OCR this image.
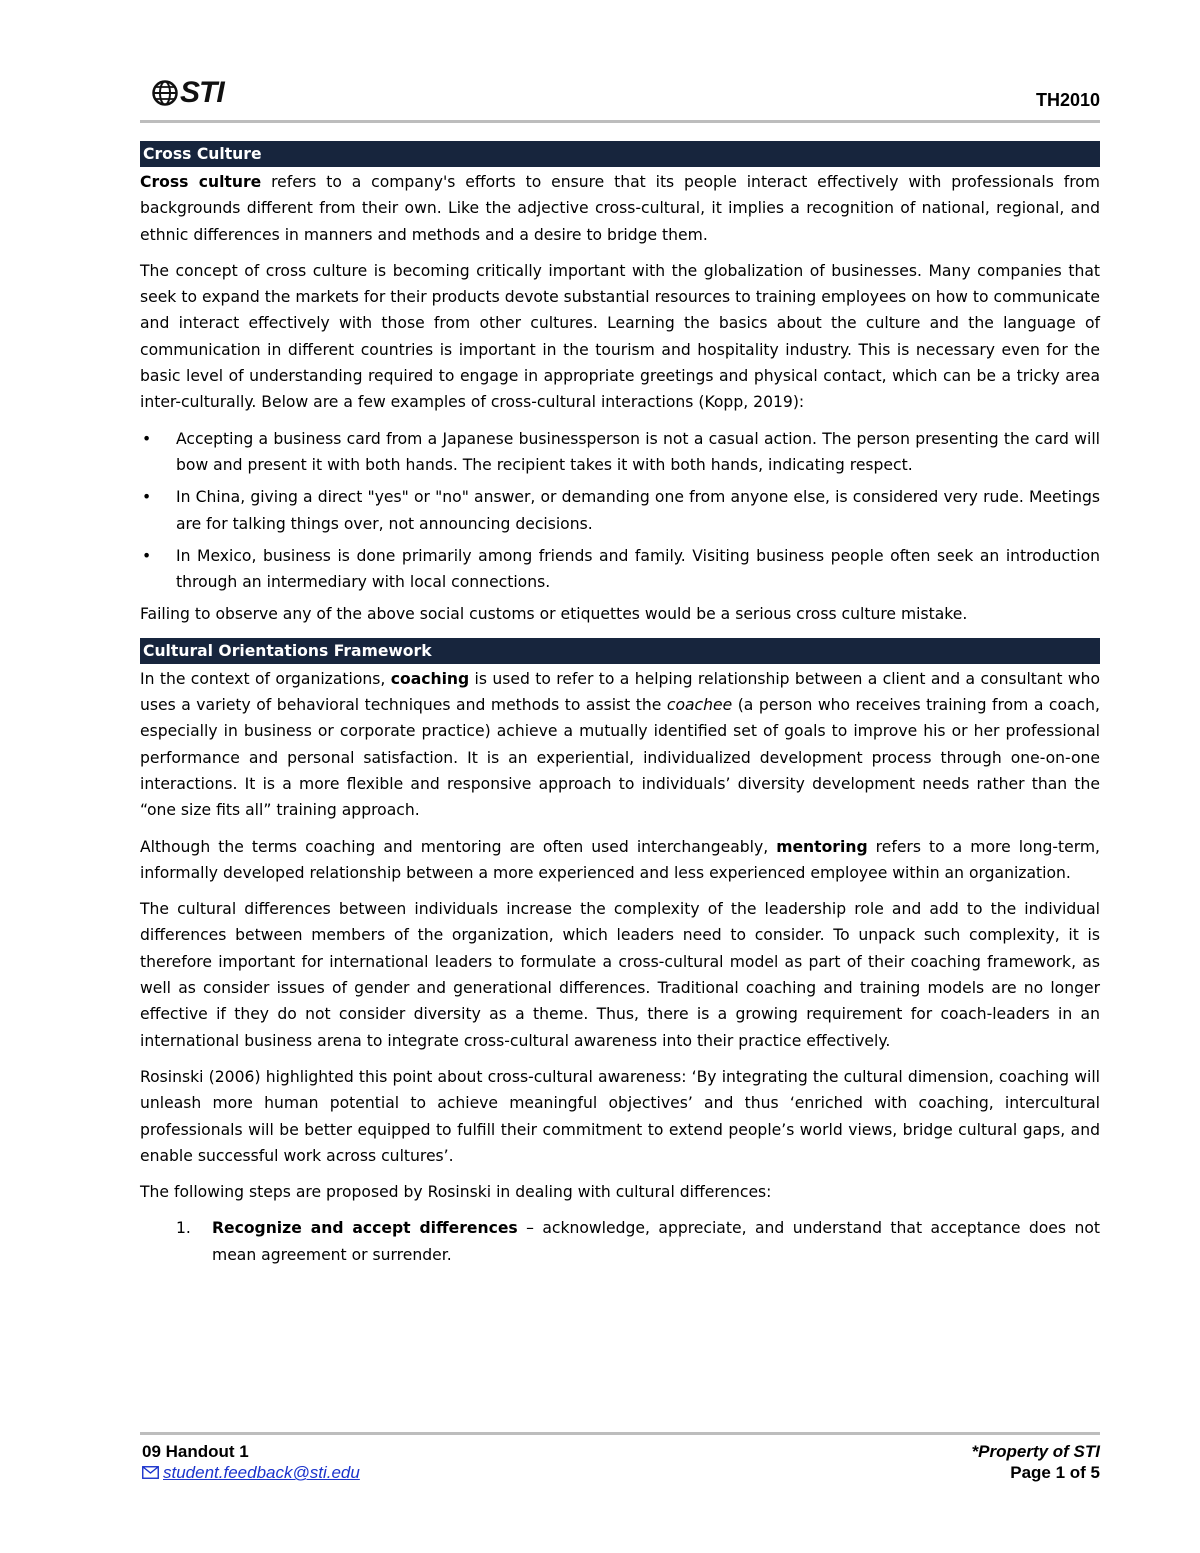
STI	TH2010
Cross Culture

Cross culture refers to a company's efforts to ensure that its people interact effectively with professionals from backgrounds different from their own. Like the adjective cross-cultural, it implies a recognition of national, regional, and ethnic differences in manners and methods and a desire to bridge them.

The concept of cross culture is becoming critically important with the globalization of businesses. Many companies that seek to expand the markets for their products devote substantial resources to training employees on how to communicate and interact effectively with those from other cultures. Learning the basics about the culture and the language of communication in different countries is important in the tourism and hospitality industry. This is necessary even for the basic level of understanding required to engage in appropriate greetings and physical contact, which can be a tricky area inter-culturally. Below are a few examples of cross-cultural interactions (Kopp, 2019):

• Accepting a business card from a Japanese businessperson is not a casual action. The person presenting the card will bow and present it with both hands. The recipient takes it with both hands, indicating respect.
• In China, giving a direct "yes" or "no" answer, or demanding one from anyone else, is considered very rude. Meetings are for talking things over, not announcing decisions.
• In Mexico, business is done primarily among friends and family. Visiting business people often seek an introduction through an intermediary with local connections.

Failing to observe any of the above social customs or etiquettes would be a serious cross culture mistake.

Cultural Orientations Framework

In the context of organizations, coaching is used to refer to a helping relationship between a client and a consultant who uses a variety of behavioral techniques and methods to assist the coachee (a person who receives training from a coach, especially in business or corporate practice) achieve a mutually identified set of goals to improve his or her professional performance and personal satisfaction. It is an experiential, individualized development process through one-on-one interactions. It is a more flexible and responsive approach to individuals’ diversity development needs rather than the “one size fits all” training approach.

Although the terms coaching and mentoring are often used interchangeably, mentoring refers to a more long-term, informally developed relationship between a more experienced and less experienced employee within an organization.

The cultural differences between individuals increase the complexity of the leadership role and add to the individual differences between members of the organization, which leaders need to consider. To unpack such complexity, it is therefore important for international leaders to formulate a cross-cultural model as part of their coaching framework, as well as consider issues of gender and generational differences. Traditional coaching and training models are no longer effective if they do not consider diversity as a theme. Thus, there is a growing requirement for coach-leaders in an international business arena to integrate cross-cultural awareness into their practice effectively.

Rosinski (2006) highlighted this point about cross-cultural awareness: ‘By integrating the cultural dimension, coaching will unleash more human potential to achieve meaningful objectives’ and thus ‘enriched with coaching, intercultural professionals will be better equipped to fulfill their commitment to extend people’s world views, bridge cultural gaps, and enable successful work across cultures’.

The following steps are proposed by Rosinski in dealing with cultural differences:

1. Recognize and accept differences – acknowledge, appreciate, and understand that acceptance does not mean agreement or surrender.
09 Handout 1
student.feedback@sti.edu
*Property of STI
Page 1 of 5
